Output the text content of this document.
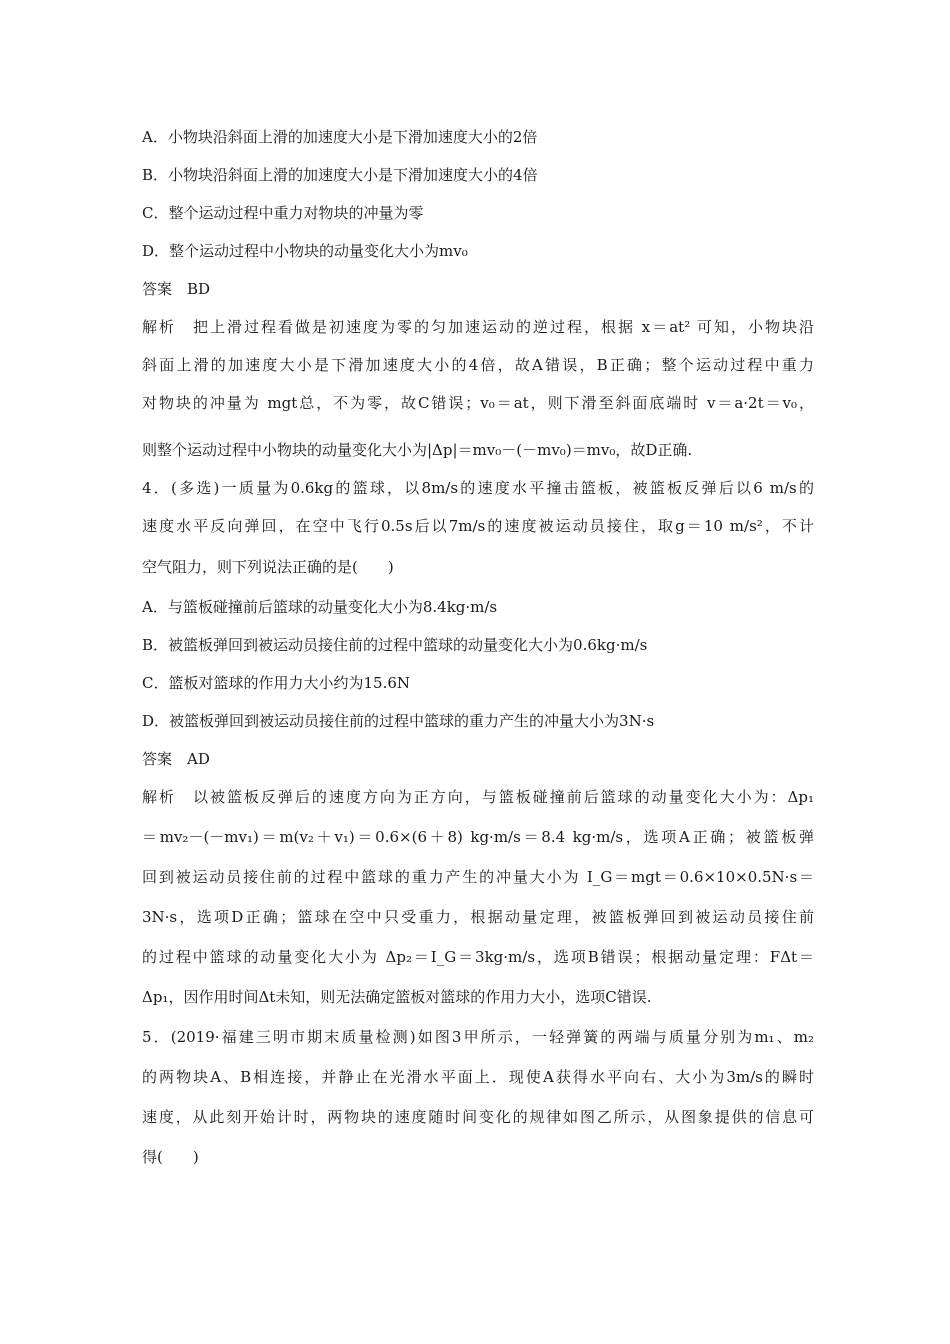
A．小物块沿斜面上滑的加速度大小是下滑加速度大小的2倍
B．小物块沿斜面上滑的加速度大小是下滑加速度大小的4倍
C．整个运动过程中重力对物块的冲量为零
D．整个运动过程中小物块的动量变化大小为mv₀
答案　BD
解析　把上滑过程看做是初速度为零的匀加速运动的逆过程，根据 x＝at² 可知，小物块沿
斜面上滑的加速度大小是下滑加速度大小的4倍，故A错误，B正确；整个运动过程中重力
对物块的冲量为 mgt总，不为零，故C错误；v₀＝at，则下滑至斜面底端时 v＝a·2t＝v₀，
则整个运动过程中小物块的动量变化大小为|Δp|＝mv₀－(－mv₀)＝mv₀，故D正确.
4．(多选)一质量为0.6kg的篮球，以8m/s的速度水平撞击篮板，被篮板反弹后以6 m/s的
速度水平反向弹回，在空中飞行0.5s后以7m/s的速度被运动员接住，取g＝10 m/s²，不计
空气阻力，则下列说法正确的是(　　)
A．与篮板碰撞前后篮球的动量变化大小为8.4kg·m/s
B．被篮板弹回到被运动员接住前的过程中篮球的动量变化大小为0.6kg·m/s
C．篮板对篮球的作用力大小约为15.6N
D．被篮板弹回到被运动员接住前的过程中篮球的重力产生的冲量大小为3N·s
答案　AD
解析　以被篮板反弹后的速度方向为正方向，与篮板碰撞前后篮球的动量变化大小为：Δp₁
＝mv₂－(－mv₁)＝m(v₂＋v₁)＝0.6×(6＋8) kg·m/s＝8.4 kg·m/s，选项A正确；被篮板弹
回到被运动员接住前的过程中篮球的重力产生的冲量大小为 I_G＝mgt＝0.6×10×0.5N·s＝
3N·s，选项D正确；篮球在空中只受重力，根据动量定理，被篮板弹回到被运动员接住前
的过程中篮球的动量变化大小为 Δp₂＝I_G＝3kg·m/s，选项B错误；根据动量定理：FΔt＝
Δp₁，因作用时间Δt未知，则无法确定篮板对篮球的作用力大小，选项C错误.
5．(2019·福建三明市期末质量检测)如图3甲所示，一轻弹簧的两端与质量分别为m₁、m₂
的两物块A、B相连接，并静止在光滑水平面上．现使A获得水平向右、大小为3m/s的瞬时
速度，从此刻开始计时，两物块的速度随时间变化的规律如图乙所示，从图象提供的信息可
得(　　)
